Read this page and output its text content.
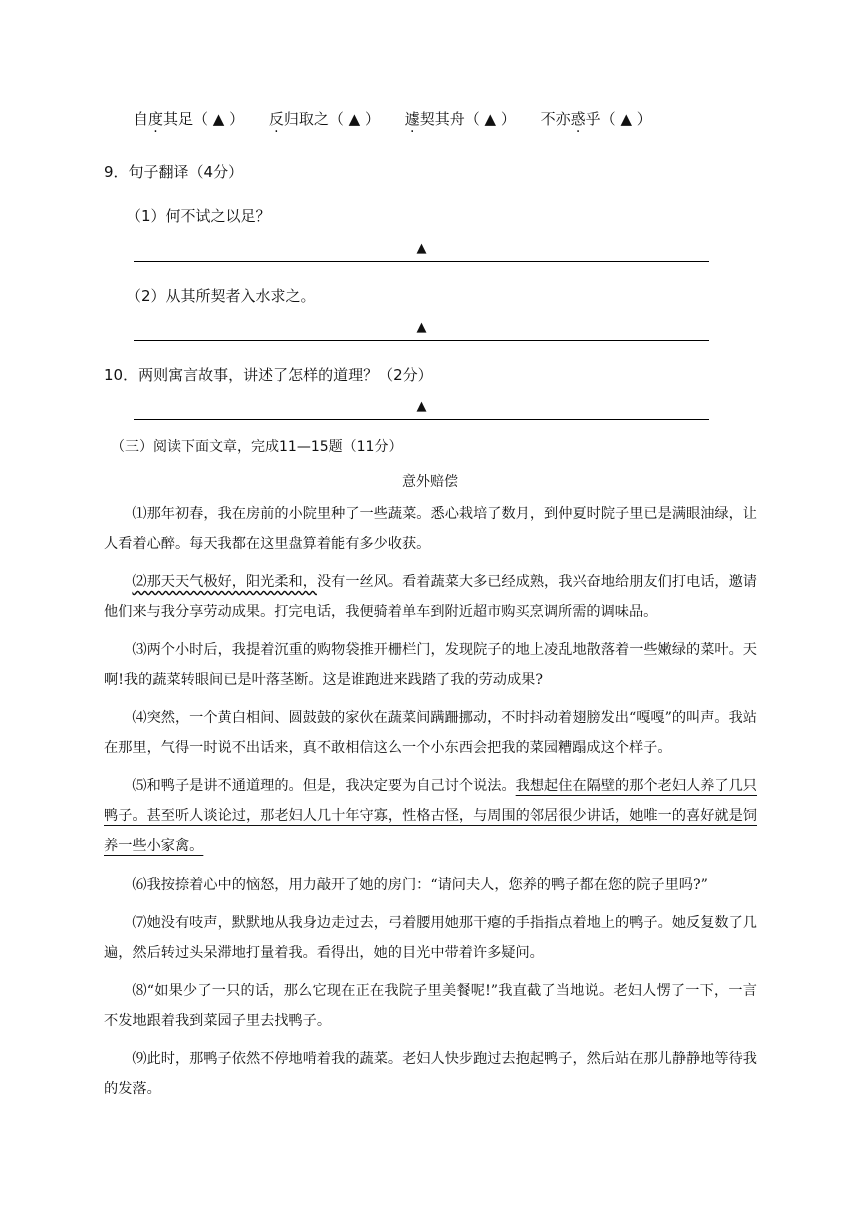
自度其足（ ▲ ） 反归取之（ ▲ ） 遽契其舟（ ▲ ） 不亦惑乎（ ▲ ）
9．句子翻译（4分）
（1）何不试之以足？
▲
（2）从其所契者入水求之。
▲
10．两则寓言故事，讲述了怎样的道理？（2分）
▲
（三）阅读下面文章，完成11—15题（11分）
意外赔偿
⑴那年初春，我在房前的小院里种了一些蔬菜。悉心栽培了数月，到仲夏时院子里已是满眼油绿，让人看着心醉。每天我都在这里盘算着能有多少收获。
⑵那天天气极好，阳光柔和，没有一丝风。看着蔬菜大多已经成熟，我兴奋地给朋友们打电话，邀请他们来与我分享劳动成果。打完电话，我便骑着单车到附近超市购买烹调所需的调味品。
⑶两个小时后，我提着沉重的购物袋推开栅栏门，发现院子的地上凌乱地散落着一些嫩绿的菜叶。天啊!我的蔬菜转眼间已是叶落茎断。这是谁跑进来践踏了我的劳动成果?
⑷突然，一个黄白相间、圆鼓鼓的家伙在蔬菜间蹒跚挪动，不时抖动着翅膀发出“嘎嘎”的叫声。我站在那里，气得一时说不出话来，真不敢相信这么一个小东西会把我的菜园糟蹋成这个样子。
⑸和鸭子是讲不通道理的。但是，我决定要为自己讨个说法。我想起住在隔壁的那个老妇人养了几只鸭子。甚至听人谈论过，那老妇人几十年守寡，性格古怪，与周围的邻居很少讲话，她唯一的喜好就是饲养一些小家禽。
⑹我按捺着心中的恼怒，用力敲开了她的房门：“请问夫人，您养的鸭子都在您的院子里吗?”
⑺她没有吱声，默默地从我身边走过去，弓着腰用她那干瘪的手指指点着地上的鸭子。她反复数了几遍，然后转过头呆滞地打量着我。看得出，她的目光中带着许多疑问。
⑻“如果少了一只的话，那么它现在正在我院子里美餐呢!”我直截了当地说。老妇人愣了一下，一言不发地跟着我到菜园子里去找鸭子。
⑼此时，那鸭子依然不停地啃着我的蔬菜。老妇人快步跑过去抱起鸭子，然后站在那儿静静地等待我的发落。
